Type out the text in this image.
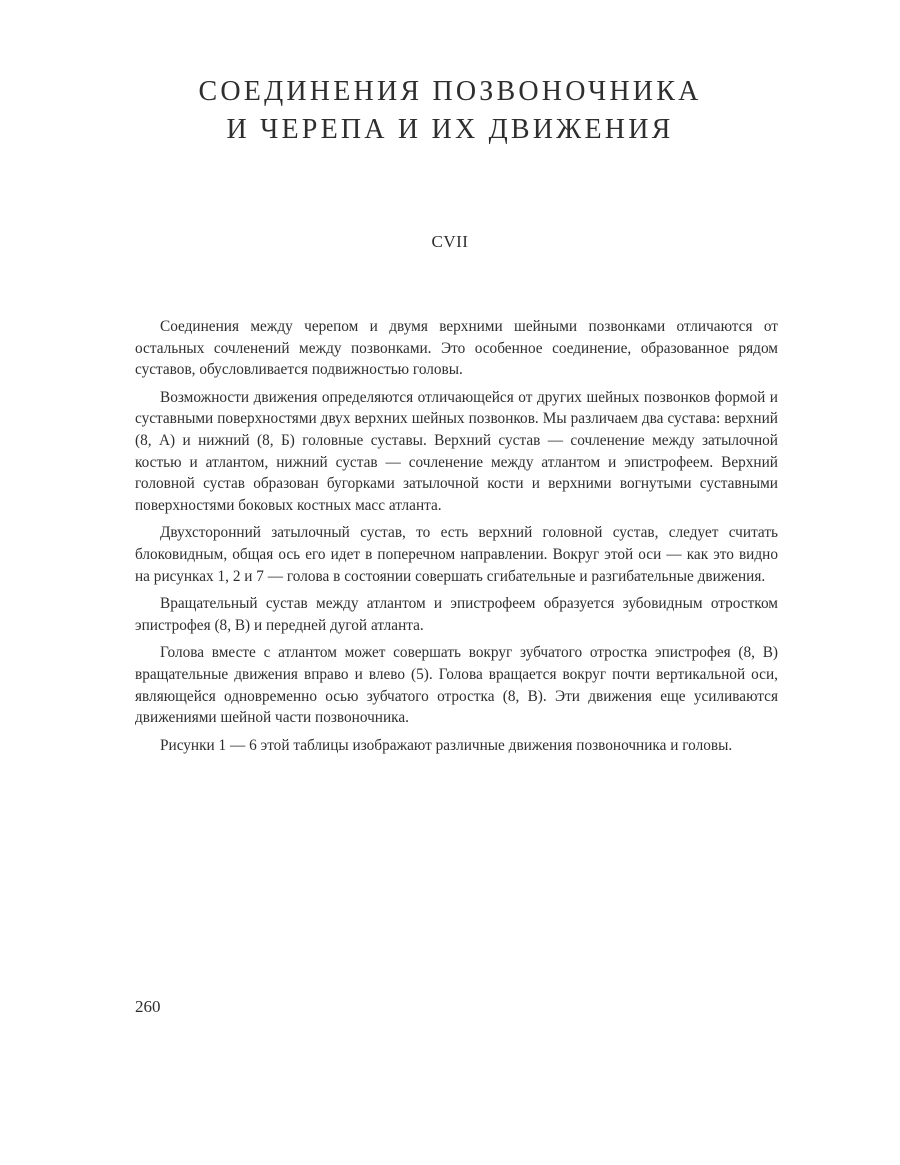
СОЕДИНЕНИЯ ПОЗВОНОЧНИКА
И ЧЕРЕПА И ИХ ДВИЖЕНИЯ
CVII

Соединения между черепом и двумя верхними шейными позвонками отличаются от остальных сочленений между позвонками. Это особенное соединение, образованное рядом суставов, обусловливается подвижностью головы.

Возможности движения определяются отличающейся от других шейных позвонков формой и суставными поверхностями двух верхних шейных позвонков. Мы различаем два сустава: верхний (8, А) и нижний (8, Б) головные суставы. Верхний сустав — сочленение между затылочной костью и атлантом, нижний сустав — сочленение между атлантом и эпистрофеем. Верхний головной сустав образован бугорками затылочной кости и верхними вогнутыми суставными поверхностями боковых костных масс атланта.

Двухсторонний затылочный сустав, то есть верхний головной сустав, следует считать блоковидным, общая ось его идет в поперечном направлении. Вокруг этой оси — как это видно на рисунках 1, 2 и 7 — голова в состоянии совершать сгибательные и разгибательные движения.

Вращательный сустав между атлантом и эпистрофеем образуется зубовидным отростком эпистрофея (8, В) и передней дугой атланта.

Голова вместе с атлантом может совершать вокруг зубчатого отростка эпистрофея (8, В) вращательные движения вправо и влево (5). Голова вращается вокруг почти вертикальной оси, являющейся одновременно осью зубчатого отростка (8, В). Эти движения еще усиливаются движениями шейной части позвоночника.

Рисунки 1 — 6 этой таблицы изображают различные движения позвоночника и головы.

260
